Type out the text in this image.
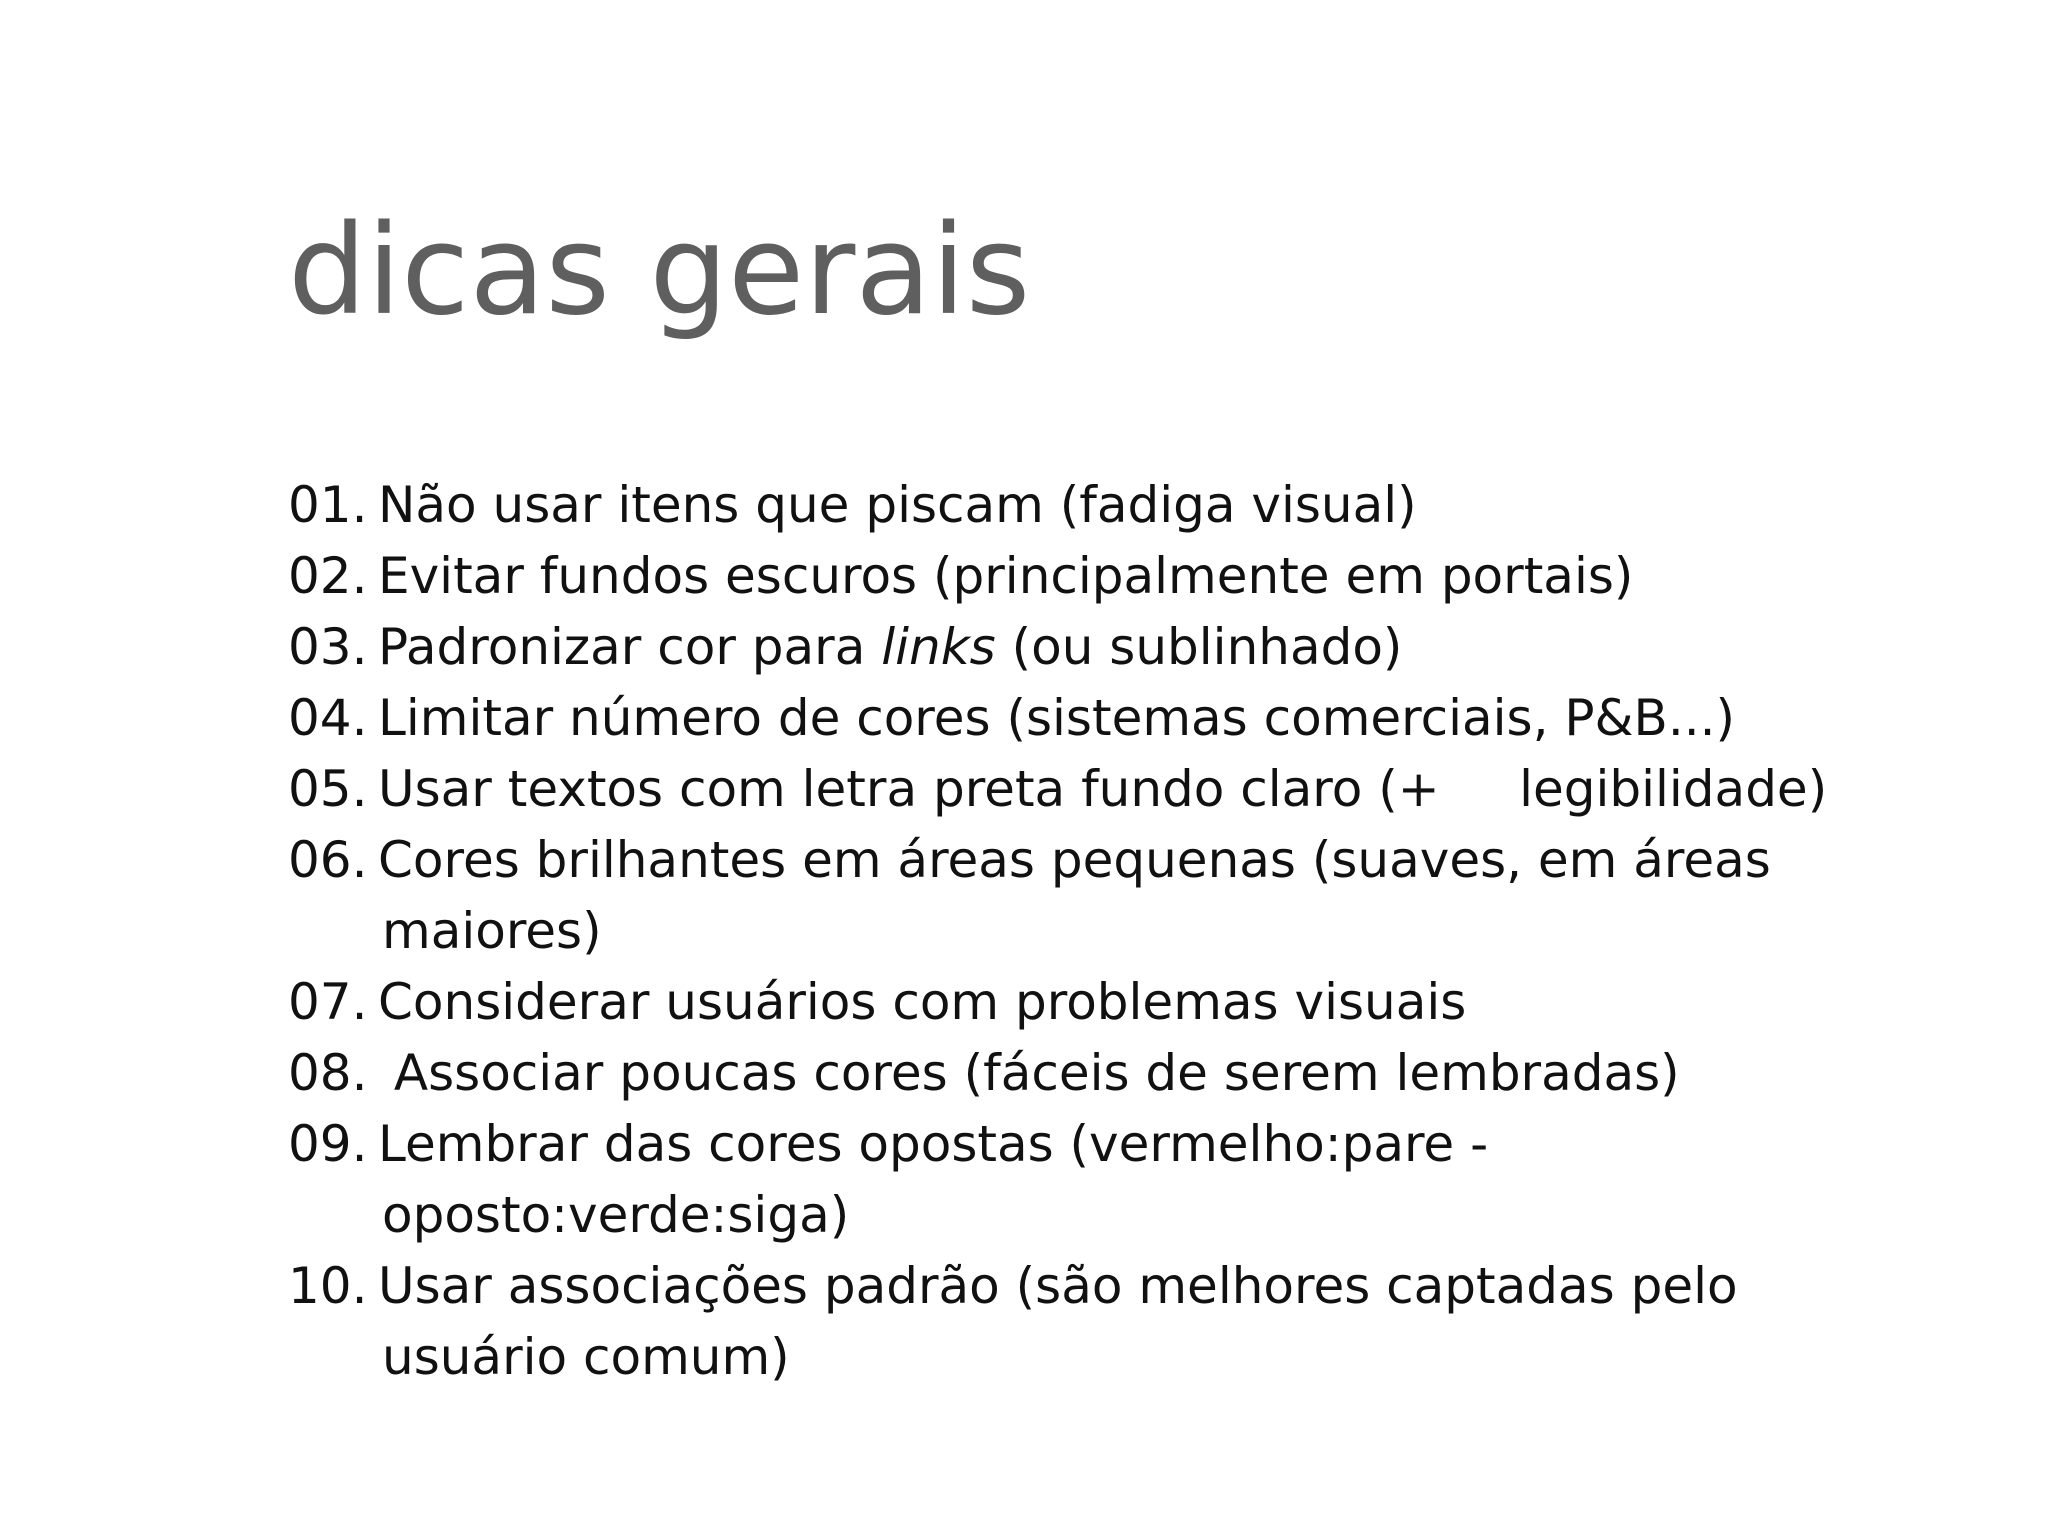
dicas gerais
01. Não usar itens que piscam (fadiga visual)
02. Evitar fundos escuros (principalmente em portais)
03. Padronizar cor para links (ou sublinhado)
04. Limitar número de cores (sistemas comerciais, P&B...)
05. Usar textos com letra preta fundo claro (+     legibilidade)
06. Cores brilhantes em áreas pequenas (suaves, em áreas
maiores)
07. Considerar usuários com problemas visuais
08. Associar poucas cores (fáceis de serem lembradas)
09. Lembrar das cores opostas (vermelho:pare -
oposto:verde:siga)
10. Usar associações padrão (são melhores captadas pelo
usuário comum)
